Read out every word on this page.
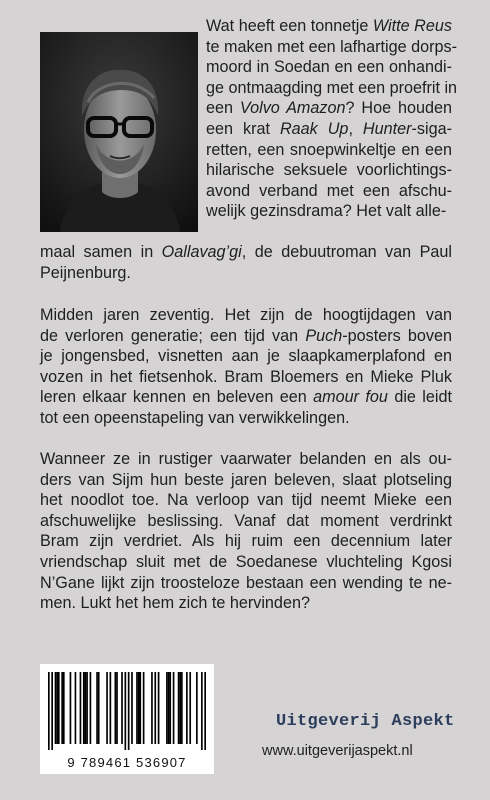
Wat heeft een tonnetje Witte Reus
te maken met een lafhartige dorps-
moord in Soedan en een onhandi-
ge ontmaagding met een proefrit in
een Volvo Amazon? Hoe houden
een krat Raak Up, Hunter-siga-
retten, een snoepwinkeltje en een
hilarische seksuele voorlichtings-
avond verband met een afschu-
welijk gezinsdrama? Het valt alle-
maal samen in Oallavag’gi, de debuutroman van Paul
Peijnenburg.
Midden jaren zeventig. Het zijn de hoogtijdagen van
de verloren generatie; een tijd van Puch-posters boven
je jongensbed, visnetten aan je slaapkamerplafond en
vozen in het fietsenhok. Bram Bloemers en Mieke Pluk
leren elkaar kennen en beleven een amour fou die leidt
tot een opeenstapeling van verwikkelingen.
Wanneer ze in rustiger vaarwater belanden en als ou-
ders van Sijm hun beste jaren beleven, slaat plotseling
het noodlot toe. Na verloop van tijd neemt Mieke een
afschuwelijke beslissing. Vanaf dat moment verdrinkt
Bram zijn verdriet. Als hij ruim een decennium later
vriendschap sluit met de Soedanese vluchteling Kgosi
N’Gane lijkt zijn troosteloze bestaan een wending te ne-
men. Lukt het hem zich te hervinden?
9 789461 536907
Uitgeverij Aspekt
www.uitgeverijaspekt.nl
